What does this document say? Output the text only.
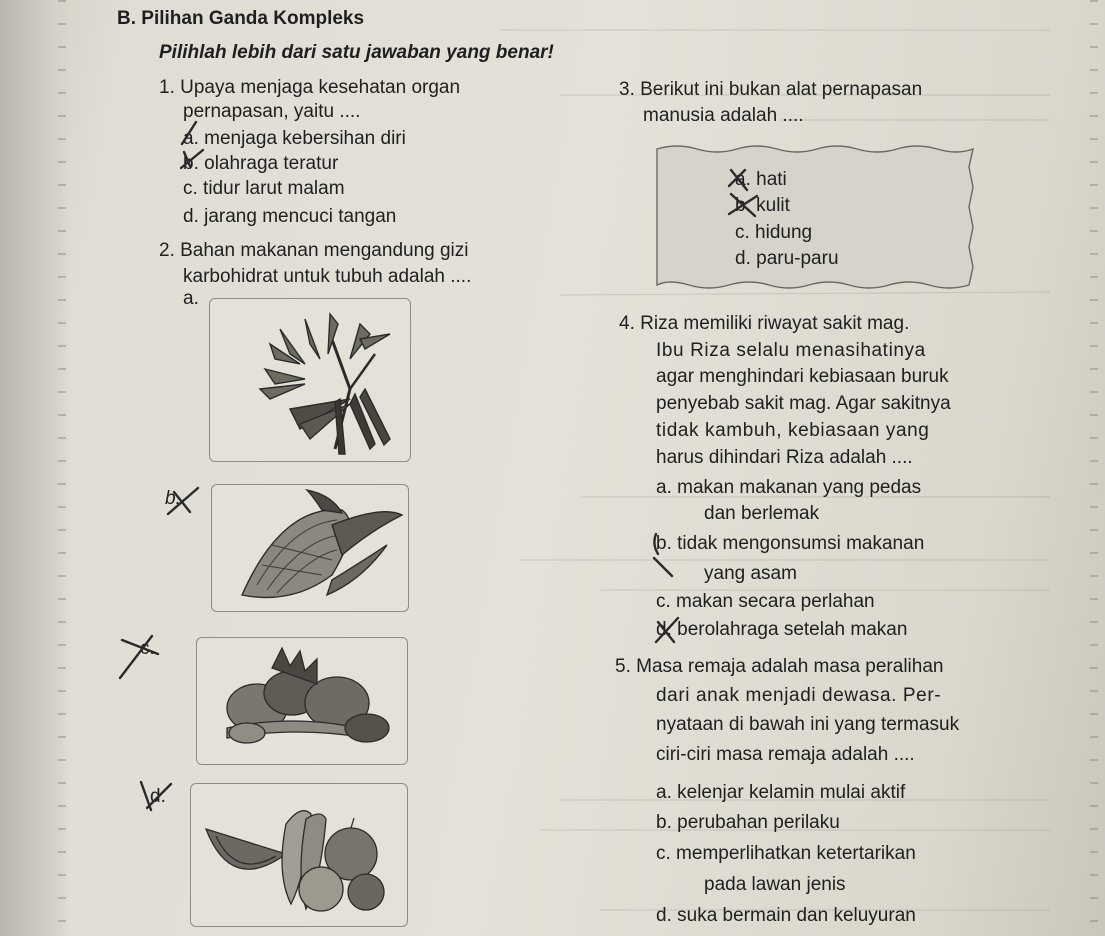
B. Pilihan Ganda Kompleks
Pilihlah lebih dari satu jawaban yang benar!
1. Upaya menjaga kesehatan organ
pernapasan, yaitu ....
a. menjaga kebersihan diri
b. olahraga teratur
c. tidur larut malam
d. jarang mencuci tangan
2. Bahan makanan mengandung gizi
karbohidrat untuk tubuh adalah ....
a.
b.
c.
d.
3. Berikut ini bukan alat pernapasan
manusia adalah ....
a. hati
b. kulit
c. hidung
d. paru-paru
4. Riza memiliki riwayat sakit mag.
Ibu Riza selalu menasihatinya
agar menghindari kebiasaan buruk
penyebab sakit mag. Agar sakitnya
tidak kambuh, kebiasaan yang
harus dihindari Riza adalah ....
a. makan makanan yang pedas
dan berlemak
b. tidak mengonsumsi makanan
yang asam
c. makan secara perlahan
d. berolahraga setelah makan
5. Masa remaja adalah masa peralihan
dari anak menjadi dewasa. Per-
nyataan di bawah ini yang termasuk
ciri-ciri masa remaja adalah ....
a. kelenjar kelamin mulai aktif
b. perubahan perilaku
c. memperlihatkan ketertarikan
pada lawan jenis
d. suka bermain dan keluyuran
